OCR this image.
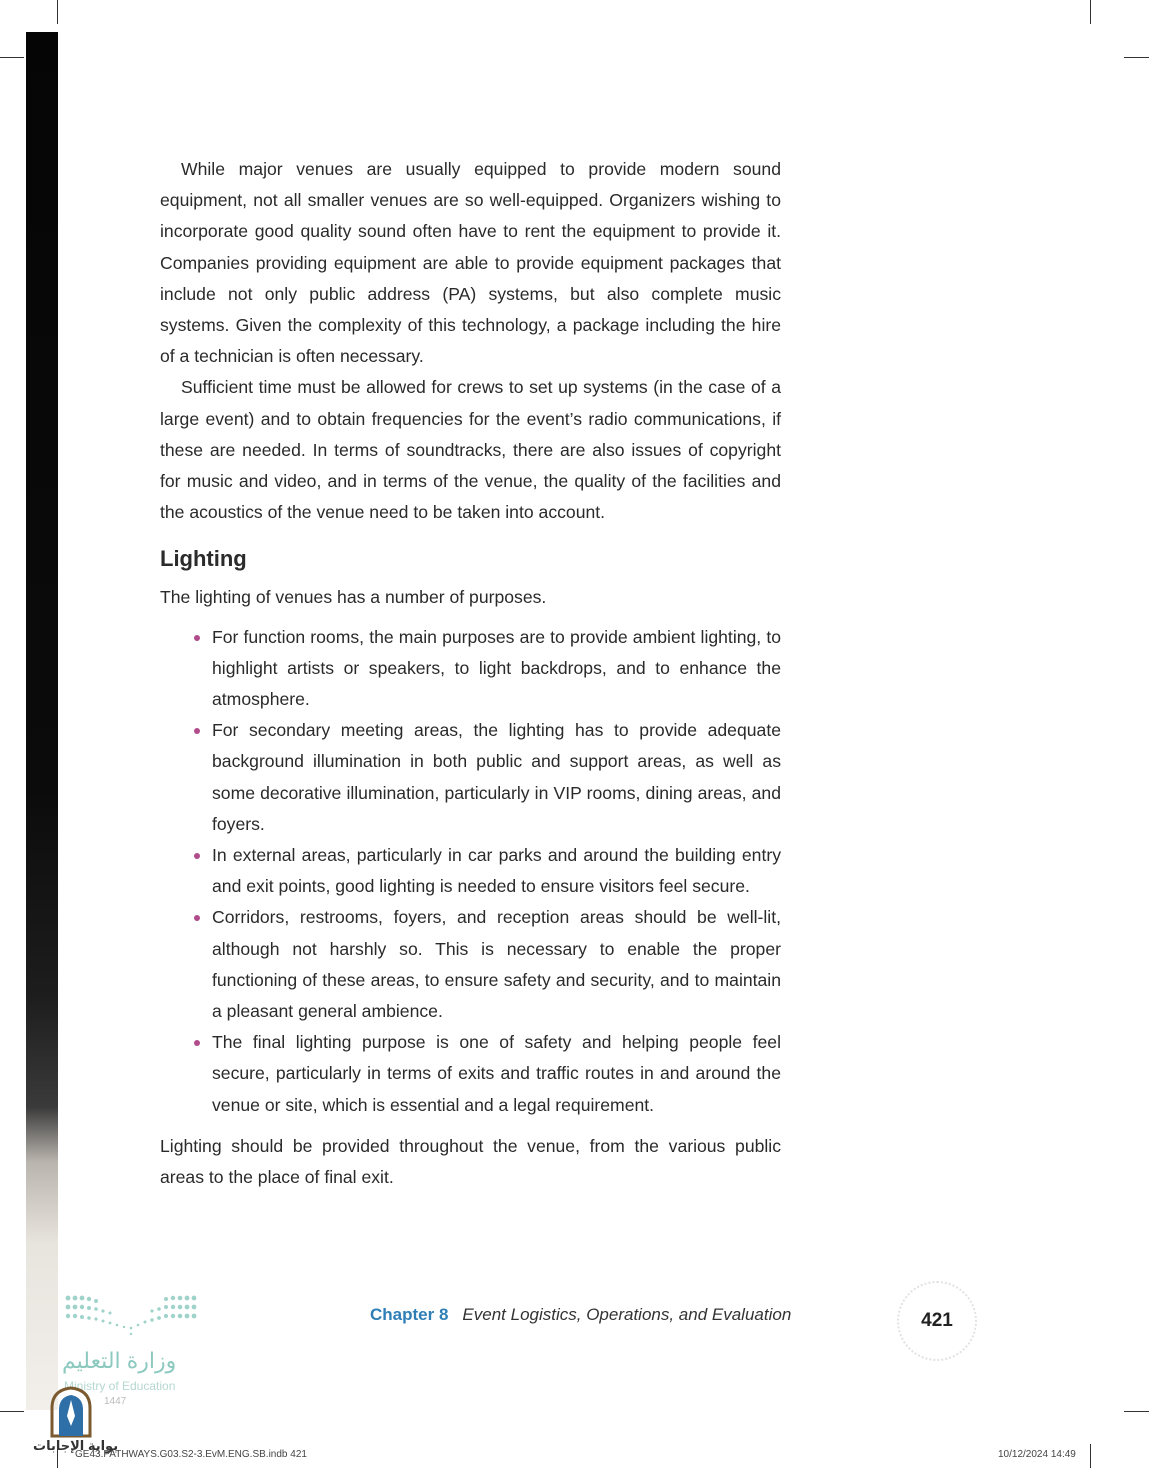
While major venues are usually equipped to provide modern sound equipment, not all smaller venues are so well-equipped. Organizers wishing to incorporate good quality sound often have to rent the equipment to provide it. Companies providing equipment are able to provide equipment packages that include not only public address (PA) systems, but also complete music systems. Given the complexity of this technology, a package including the hire of a technician is often necessary.

Sufficient time must be allowed for crews to set up systems (in the case of a large event) and to obtain frequencies for the event’s radio communications, if these are needed. In terms of soundtracks, there are also issues of copyright for music and video, and in terms of the venue, the quality of the facilities and the acoustics of the venue need to be taken into account.

Lighting

The lighting of venues has a number of purposes.

For function rooms, the main purposes are to provide ambient lighting, to highlight artists or speakers, to light backdrops, and to enhance the atmosphere.
For secondary meeting areas, the lighting has to provide adequate background illumination in both public and support areas, as well as some decorative illumination, particularly in VIP rooms, dining areas, and foyers.
In external areas, particularly in car parks and around the building entry and exit points, good lighting is needed to ensure visitors feel secure.
Corridors, restrooms, foyers, and reception areas should be well-lit, although not harshly so. This is necessary to enable the proper functioning of these areas, to ensure safety and security, and to maintain a pleasant general ambience.
The final lighting purpose is one of safety and helping people feel secure, particularly in terms of exits and traffic routes in and around the venue or site, which is essential and a legal requirement.

Lighting should be provided throughout the venue, from the various public areas to the place of final exit.

Chapter 8 Event Logistics, Operations, and Evaluation	421
وزارة التعليم
Ministry of Education
1447
بوابة الإجابات
GE43.PATHWAYS.G03.S2-3.EvM.ENG.SB.indb 421	10/12/2024 14:49
